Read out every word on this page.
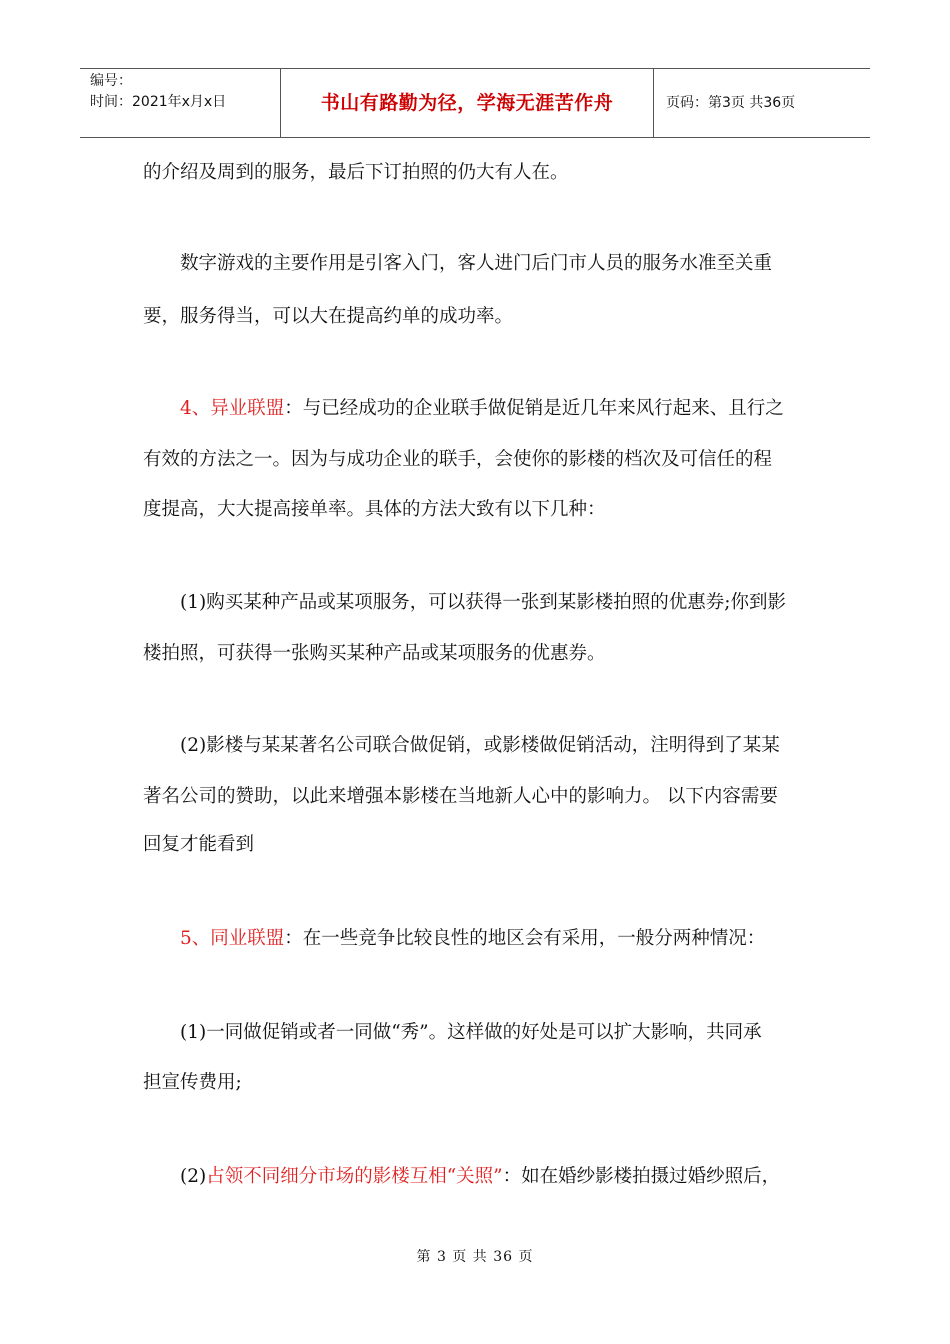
编号：
时间：2021年x月x日	书山有路勤为径，学海无涯苦作舟	页码：第3页 共36页

的介绍及周到的服务，最后下订拍照的仍大有人在。

　　数字游戏的主要作用是引客入门，客人进门后门市人员的服务水准至关重

要，服务得当，可以大在提高约单的成功率。

　　4、异业联盟：与已经成功的企业联手做促销是近几年来风行起来、且行之

有效的方法之一。因为与成功企业的联手，会使你的影楼的档次及可信任的程

度提高，大大提高接单率。具体的方法大致有以下几种：

　　(1)购买某种产品或某项服务，可以获得一张到某影楼拍照的优惠券;你到影

楼拍照，可获得一张购买某种产品或某项服务的优惠券。

　　(2)影楼与某某著名公司联合做促销，或影楼做促销活动，注明得到了某某

著名公司的赞助，以此来增强本影楼在当地新人心中的影响力。 以下内容需要

回复才能看到

　　5、同业联盟：在一些竞争比较良性的地区会有采用，一般分两种情况：

　　(1)一同做促销或者一同做“秀”。这样做的好处是可以扩大影响，共同承

担宣传费用;

　　(2)占领不同细分市场的影楼互相“关照”：如在婚纱影楼拍摄过婚纱照后，

第 3 页 共 36 页
